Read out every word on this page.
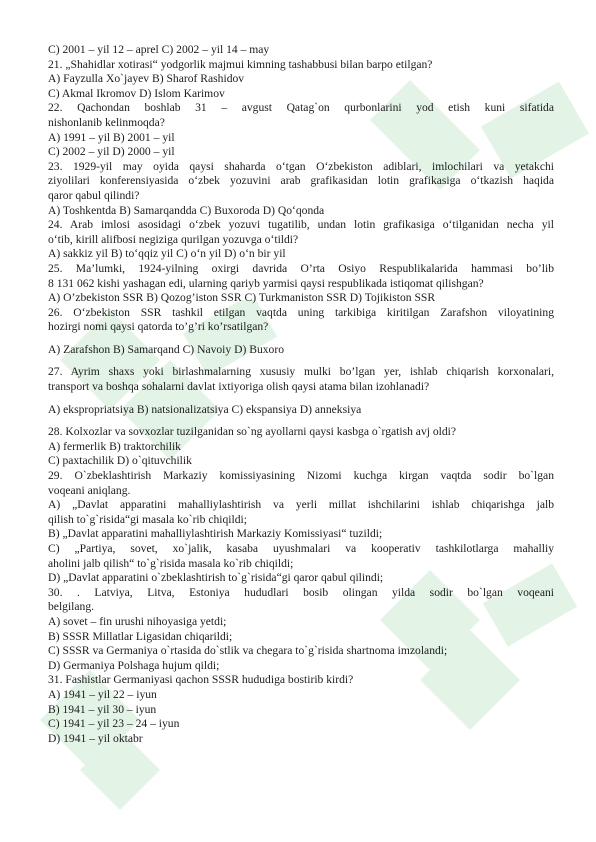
C) 2001 – yil 12 – aprel C) 2002 – yil 14 – may
21. „Shahidlar xotirasi“ yodgorlik majmui kimning tashabbusi bilan barpo etilgan?
A) Fayzulla Xo`jayev B) Sharof Rashidov
C) Akmal Ikromov D) Islom Karimov
22. Qachondan boshlab 31 – avgust Qatag`on qurbonlarini yod etish kuni sifatida
nishonlanib kelinmoqda?
A) 1991 – yil B) 2001 – yil
C) 2002 – yil D) 2000 – yil
23. 1929-yil may oyida qaysi shaharda o‘tgan O‘zbekiston adiblari, imlochilari va yetakchi
ziyolilari konferensiyasida o‘zbek yozuvini arab grafikasidan lotin grafikasiga o‘tkazish haqida
qaror qabul qilindi?
A) Toshkentda B) Samarqandda C) Buxoroda D) Qo‘qonda
24. Arab imlosi asosidagi o‘zbek yozuvi tugatilib, undan lotin grafikasiga o‘tilganidan necha yil
o‘tib, kirill alifbosi negiziga qurilgan yozuvga o‘tildi?
A) sakkiz yil B) to‘qqiz yil C) o‘n yil D) o‘n bir yil
25. Ma’lumki, 1924-yilning oxirgi davrida O’rta Osiyo Respublikalarida hammasi bo’lib
8 131 062 kishi yashagan edi, ularning qariyb yarmisi qaysi respublikada istiqomat qilishgan?
A) O’zbekiston SSR B) Qozog’iston SSR C) Turkmaniston SSR D) Tojikiston SSR
26. O‘zbekiston SSR tashkil etilgan vaqtda uning tarkibiga kiritilgan Zarafshon viloyatining
hozirgi nomi qaysi qatorda to’g’ri ko’rsatilgan?
A) Zarafshon B) Samarqand C) Navoiy D) Buxoro
27. Ayrim shaxs yoki birlashmalarning xususiy mulki bo’lgan yer, ishlab chiqarish korxonalari,
transport va boshqa sohalarni davlat ixtiyoriga olish qaysi atama bilan izohlanadi?
A) ekspropriatsiya B) natsionalizatsiya C) ekspansiya D) anneksiya
28. Kolxozlar va sovxozlar tuzilganidan so`ng ayollarni qaysi kasbga o`rgatish avj oldi?
A) fermerlik B) traktorchilik
C) paxtachilik D) o`qituvchilik
29. O`zbeklashtirish Markaziy komissiyasining Nizomi kuchga kirgan vaqtda sodir bo`lgan
voqeani aniqlang.
A) „Davlat apparatini mahalliylashtirish va yerli millat ishchilarini ishlab chiqarishga jalb
qilish to`g`risida“gi masala ko`rib chiqildi;
B) „Davlat apparatini mahalliylashtirish Markaziy Komissiyasi“ tuzildi;
C) „Partiya, sovet, xo`jalik, kasaba uyushmalari va kooperativ tashkilotlarga mahalliy
aholini jalb qilish“ to`g`risida masala ko`rib chiqildi;
D) „Davlat apparatini o`zbeklashtirish to`g`risida“gi qaror qabul qilindi;
30. . Latviya, Litva, Estoniya hududlari bosib olingan yilda sodir bo`lgan voqeani
belgilang.
A) sovet – fin urushi nihoyasiga yetdi;
B) SSSR Millatlar Ligasidan chiqarildi;
C) SSSR va Germaniya o`rtasida do`stlik va chegara to`g`risida shartnoma imzolandi;
D) Germaniya Polshaga hujum qildi;
31. Fashistlar Germaniyasi qachon SSSR hududiga bostirib kirdi?
A) 1941 – yil 22 – iyun
B) 1941 – yil 30 – iyun
C) 1941 – yil 23 – 24 – iyun
D) 1941 – yil oktabr
